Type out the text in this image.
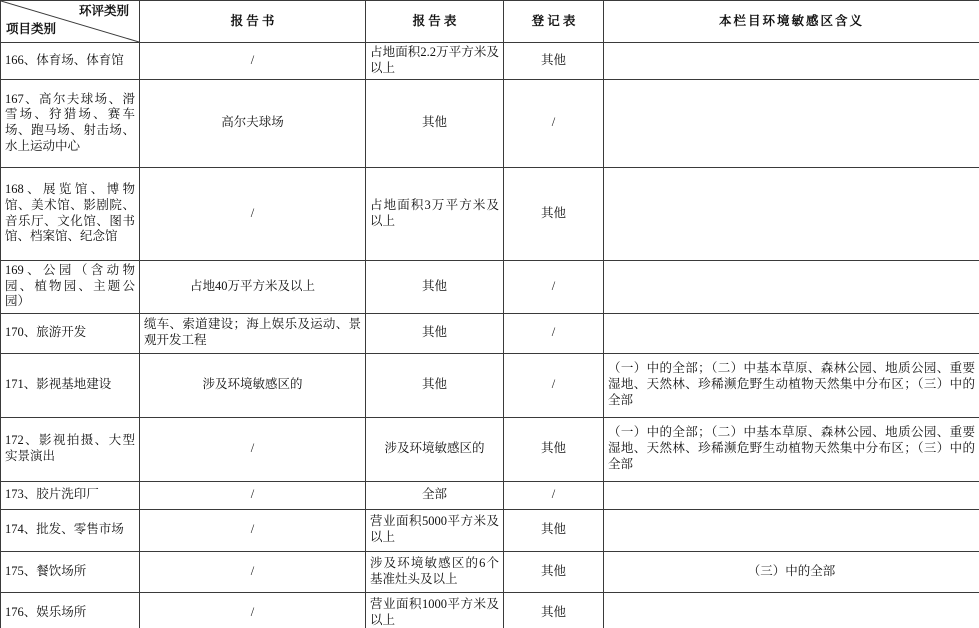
环评类别
项目类别	报 告 书	报 告 表	登 记 表	本栏目环境敏感区含义
166、体育场、体育馆	/	占地面积2.2万平方米及以上	其他	
167、高尔夫球场、滑雪场、狩猎场、赛车场、跑马场、射击场、水上运动中心	高尔夫球场	其他	/	
168、展览馆、博物馆、美术馆、影剧院、音乐厅、文化馆、图书馆、档案馆、纪念馆	/	占地面积3万平方米及以上	其他	
169、公园（含动物园、植物园、主题公园）	占地40万平方米及以上	其他	/	
170、旅游开发	缆车、索道建设；海上娱乐及运动、景观开发工程	其他	/	
171、影视基地建设	涉及环境敏感区的	其他	/	（一）中的全部；（二）中基本草原、森林公园、地质公园、重要湿地、天然林、珍稀濒危野生动植物天然集中分布区；（三）中的全部
172、影视拍摄、大型实景演出	/	涉及环境敏感区的	其他	（一）中的全部；（二）中基本草原、森林公园、地质公园、重要湿地、天然林、珍稀濒危野生动植物天然集中分布区；（三）中的全部
173、胶片洗印厂	/	全部	/	
174、批发、零售市场	/	营业面积5000平方米及以上	其他	
175、餐饮场所	/	涉及环境敏感区的6个基准灶头及以上	其他	（三）中的全部
176、娱乐场所	/	营业面积1000平方米及以上	其他	
